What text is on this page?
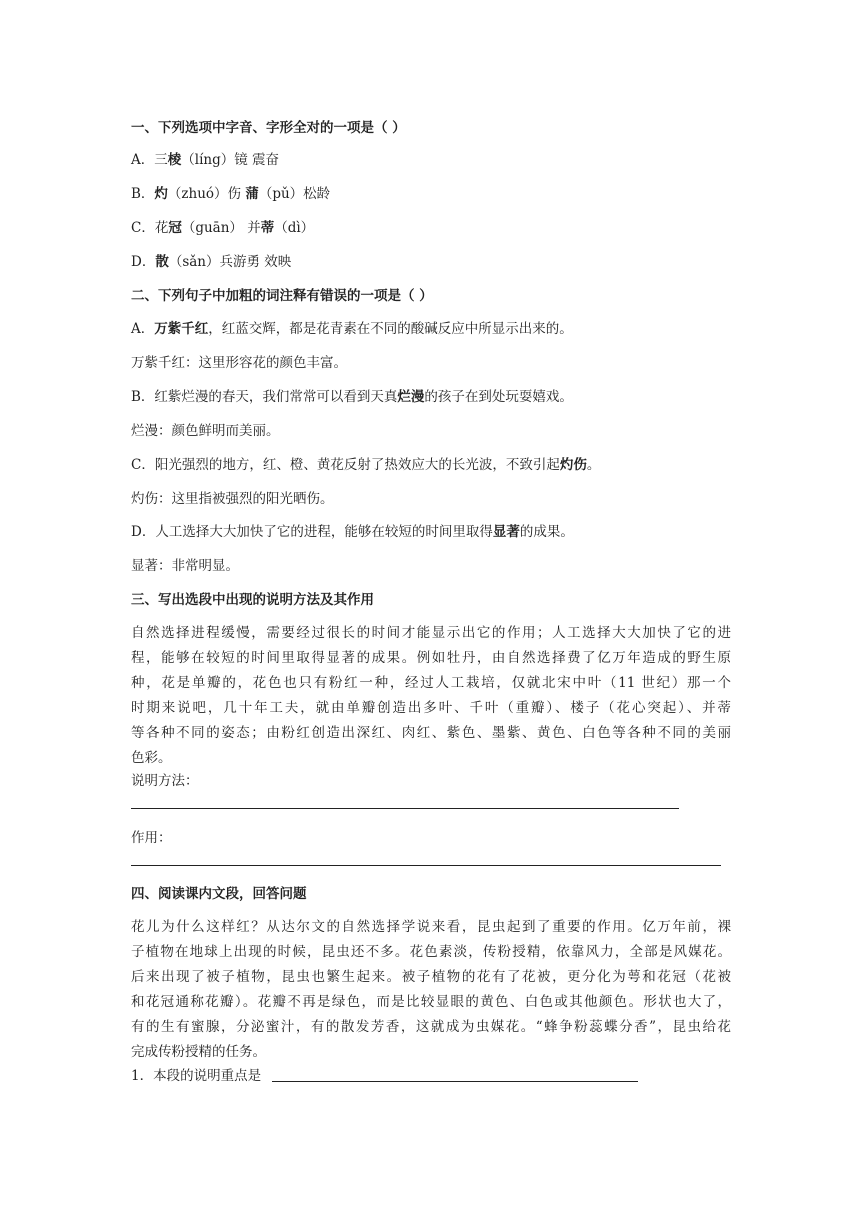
一、下列选项中字音、字形全对的一项是（ ）
A．三棱（líng）镜 震奋
B．灼（zhuó）伤 蒲（pǔ）松龄
C．花冠（guān） 并蒂（dì）
D．散（sǎn）兵游勇 效映
二、下列句子中加粗的词注释有错误的一项是（ ）
A．万紫千红，红蓝交辉，都是花青素在不同的酸碱反应中所显示出来的。
万紫千红：这里形容花的颜色丰富。
B．红紫烂漫的春天，我们常常可以看到天真烂漫的孩子在到处玩耍嬉戏。
烂漫：颜色鲜明而美丽。
C．阳光强烈的地方，红、橙、黄花反射了热效应大的长光波，不致引起灼伤。
灼伤：这里指被强烈的阳光晒伤。
D．人工选择大大加快了它的进程，能够在较短的时间里取得显著的成果。
显著：非常明显。
三、写出选段中出现的说明方法及其作用
自然选择进程缓慢，需要经过很长的时间才能显示出它的作用；人工选择大大加快了它的进
程，能够在较短的时间里取得显著的成果。例如牡丹，由自然选择费了亿万年造成的野生原
种，花是单瓣的，花色也只有粉红一种，经过人工栽培，仅就北宋中叶（11 世纪）那一个
时期来说吧，几十年工夫，就由单瓣创造出多叶、千叶（重瓣）、楼子（花心突起）、并蒂
等各种不同的姿态；由粉红创造出深红、肉红、紫色、墨紫、黄色、白色等各种不同的美丽
色彩。
说明方法：
作用：
四、阅读课内文段，回答问题
花儿为什么这样红？从达尔文的自然选择学说来看，昆虫起到了重要的作用。亿万年前，裸
子植物在地球上出现的时候，昆虫还不多。花色素淡，传粉授精，依靠风力，全部是风媒花。
后来出现了被子植物，昆虫也繁生起来。被子植物的花有了花被，更分化为萼和花冠（花被
和花冠通称花瓣）。花瓣不再是绿色，而是比较显眼的黄色、白色或其他颜色。形状也大了，
有的生有蜜腺，分泌蜜汁，有的散发芳香，这就成为虫媒花。“蜂争粉蕊蝶分香”，昆虫给花
完成传粉授精的任务。
1．本段的说明重点是
